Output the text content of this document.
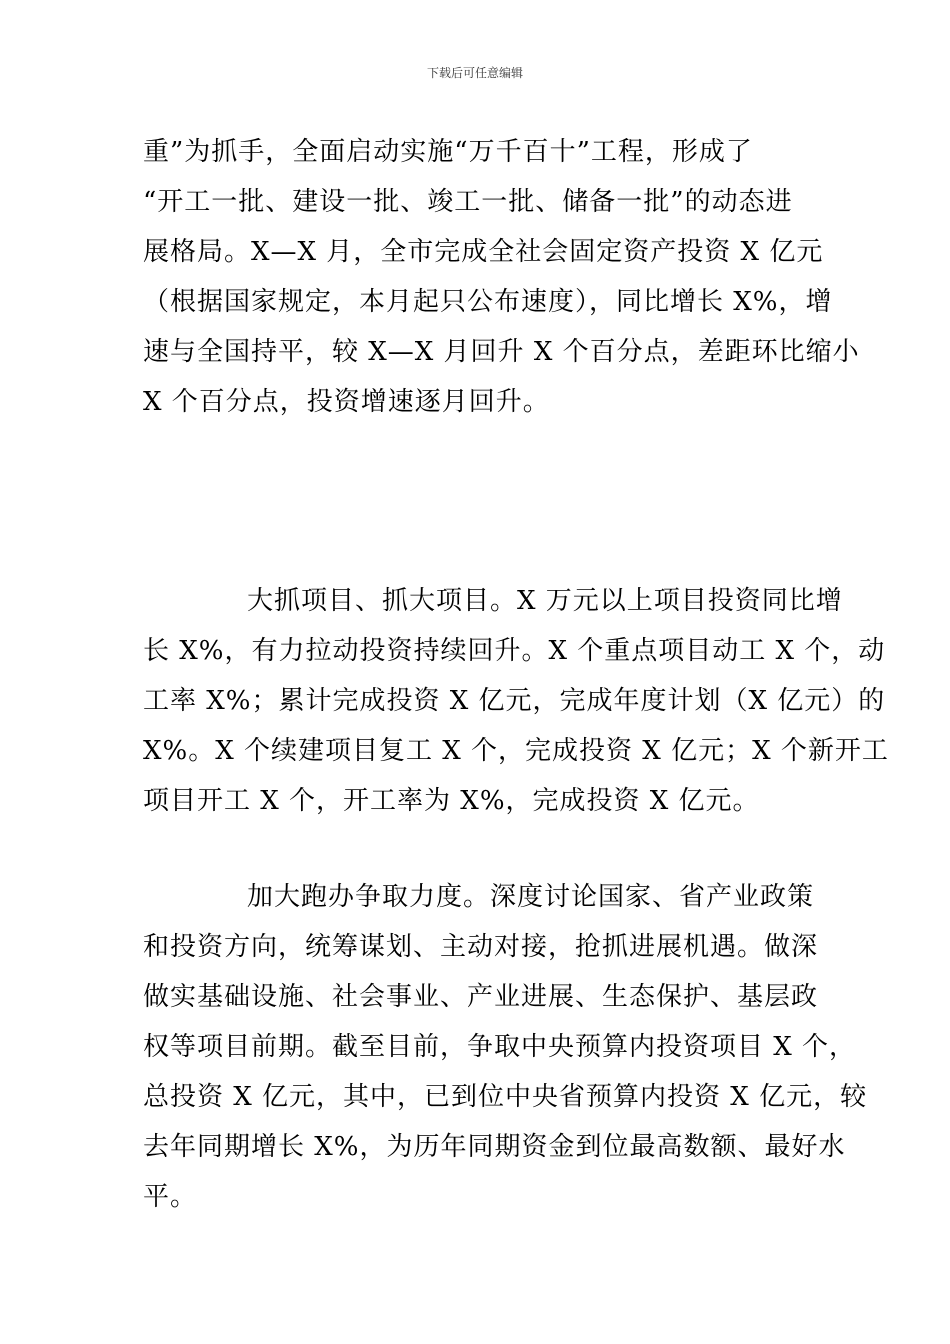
下载后可任意编辑
重”为抓手，全面启动实施“万千百十”工程，形成了
“开工一批、建设一批、竣工一批、储备一批”的动态进
展格局。X—X 月，全市完成全社会固定资产投资 X 亿元
（根据国家规定，本月起只公布速度），同比增长 X%，增
速与全国持平，较 X—X 月回升 X 个百分点，差距环比缩小
X 个百分点，投资增速逐月回升。
大抓项目、抓大项目。X 万元以上项目投资同比增
长 X%，有力拉动投资持续回升。X 个重点项目动工 X 个，动
工率 X%；累计完成投资 X 亿元，完成年度计划（X 亿元）的
X%。X 个续建项目复工 X 个，完成投资 X 亿元；X 个新开工
项目开工 X 个，开工率为 X%，完成投资 X 亿元。
加大跑办争取力度。深度讨论国家、省产业政策
和投资方向，统筹谋划、主动对接，抢抓进展机遇。做深
做实基础设施、社会事业、产业进展、生态保护、基层政
权等项目前期。截至目前，争取中央预算内投资项目 X 个，
总投资 X 亿元，其中，已到位中央省预算内投资 X 亿元，较
去年同期增长 X%，为历年同期资金到位最高数额、最好水
平。
